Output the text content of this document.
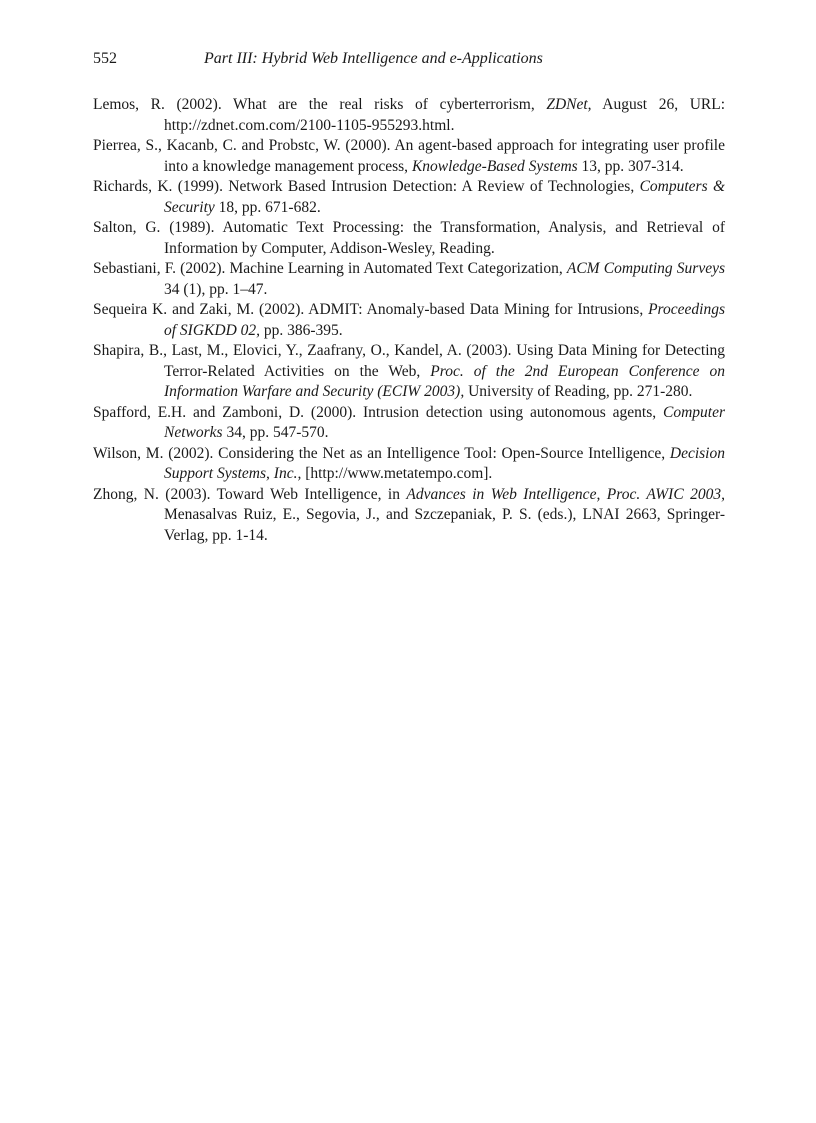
552	Part III: Hybrid Web Intelligence and e-Applications

Lemos, R. (2002). What are the real risks of cyberterrorism, ZDNet, August 26, URL: http://zdnet.com.com/2100-1105-955293.html.

Pierrea, S., Kacanb, C. and Probstc, W. (2000). An agent-based approach for integrating user profile into a knowledge management process, Knowledge-Based Systems 13, pp. 307-314.

Richards, K. (1999). Network Based Intrusion Detection: A Review of Technologies, Computers & Security 18, pp. 671-682.

Salton, G. (1989). Automatic Text Processing: the Transformation, Analysis, and Retrieval of Information by Computer, Addison-Wesley, Reading.

Sebastiani, F. (2002). Machine Learning in Automated Text Categorization, ACM Computing Surveys 34 (1), pp. 1–47.

Sequeira K. and Zaki, M. (2002). ADMIT: Anomaly-based Data Mining for Intrusions, Proceedings of SIGKDD 02, pp. 386-395.

Shapira, B., Last, M., Elovici, Y., Zaafrany, O., Kandel, A. (2003). Using Data Mining for Detecting Terror-Related Activities on the Web, Proc. of the 2nd European Conference on Information Warfare and Security (ECIW 2003), University of Reading, pp. 271-280.

Spafford, E.H. and Zamboni, D. (2000). Intrusion detection using autonomous agents, Computer Networks 34, pp. 547-570.

Wilson, M. (2002). Considering the Net as an Intelligence Tool: Open-Source Intelligence, Decision Support Systems, Inc., [http://www.metatempo.com].

Zhong, N. (2003). Toward Web Intelligence, in Advances in Web Intelligence, Proc. AWIC 2003, Menasalvas Ruiz, E., Segovia, J., and Szczepaniak, P. S. (eds.), LNAI 2663, Springer-Verlag, pp. 1-14.
